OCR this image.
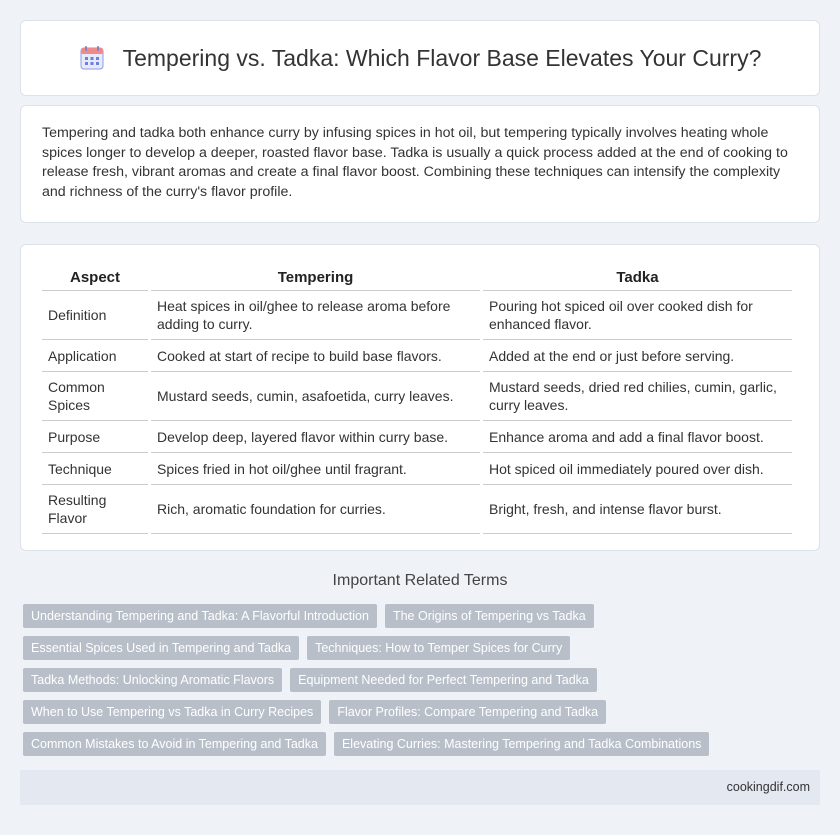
Tempering vs. Tadka: Which Flavor Base Elevates Your Curry?

Tempering and tadka both enhance curry by infusing spices in hot oil, but tempering typically involves heating whole spices longer to develop a deeper, roasted flavor base. Tadka is usually a quick process added at the end of cooking to release fresh, vibrant aromas and create a final flavor boost. Combining these techniques can intensify the complexity and richness of the curry's flavor profile.

Aspect	Tempering	Tadka
Definition	Heat spices in oil/ghee to release aroma before adding to curry.	Pouring hot spiced oil over cooked dish for enhanced flavor.
Application	Cooked at start of recipe to build base flavors.	Added at the end or just before serving.
Common Spices	Mustard seeds, cumin, asafoetida, curry leaves.	Mustard seeds, dried red chilies, cumin, garlic, curry leaves.
Purpose	Develop deep, layered flavor within curry base.	Enhance aroma and add a final flavor boost.
Technique	Spices fried in hot oil/ghee until fragrant.	Hot spiced oil immediately poured over dish.
Resulting Flavor	Rich, aromatic foundation for curries.	Bright, fresh, and intense flavor burst.
Important Related Terms
Understanding Tempering and Tadka: A Flavorful Introduction	The Origins of Tempering vs Tadka
Essential Spices Used in Tempering and Tadka	Techniques: How to Temper Spices for Curry
Tadka Methods: Unlocking Aromatic Flavors	Equipment Needed for Perfect Tempering and Tadka
When to Use Tempering vs Tadka in Curry Recipes	Flavor Profiles: Compare Tempering and Tadka
Common Mistakes to Avoid in Tempering and Tadka	Elevating Curries: Mastering Tempering and Tadka Combinations
cookingdif.com
